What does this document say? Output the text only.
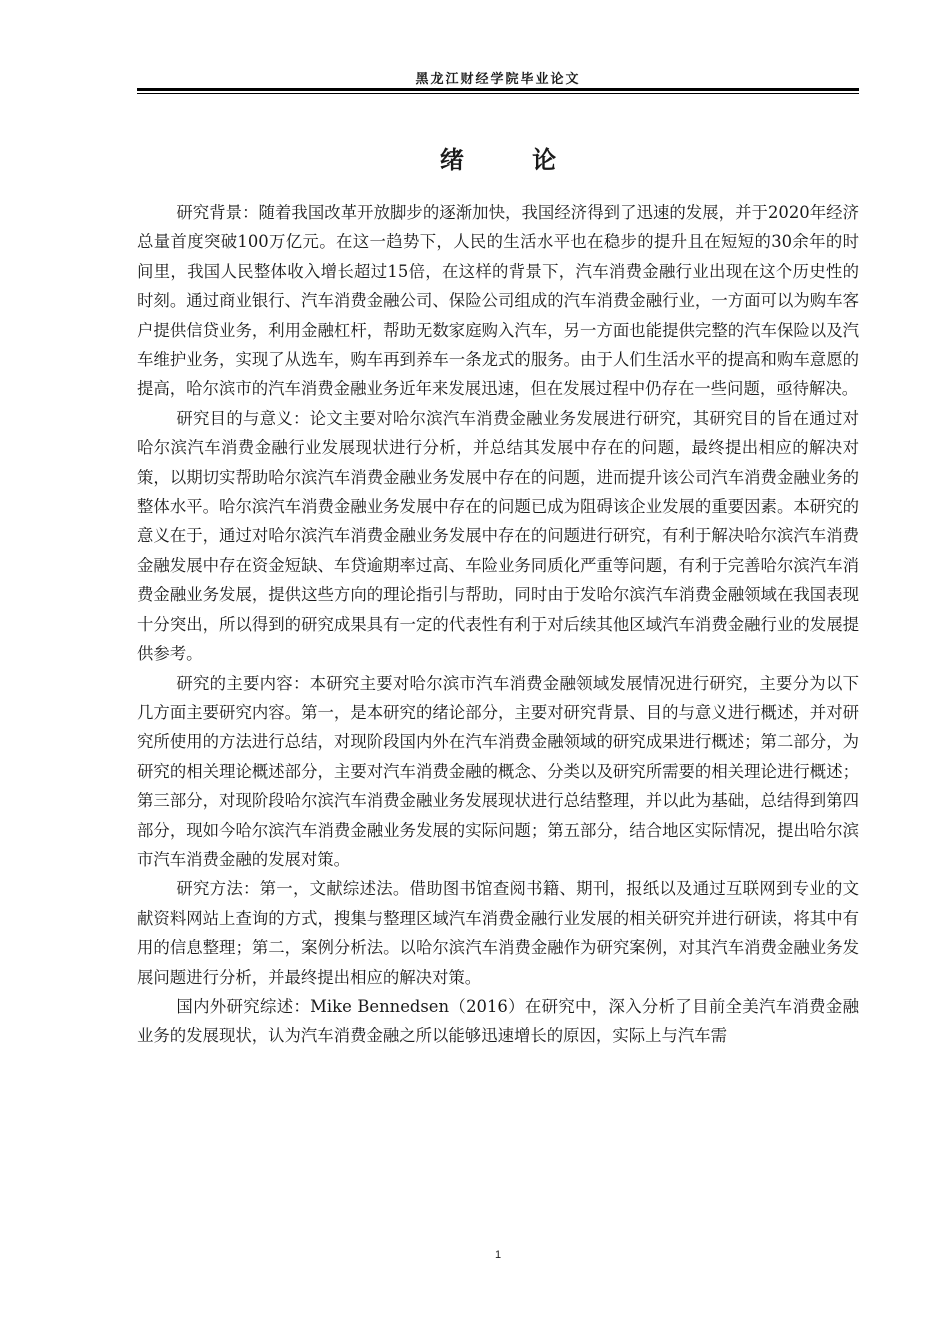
黑龙江财经学院毕业论文
绪 论

研究背景：随着我国改革开放脚步的逐渐加快，我国经济得到了迅速的发展，并于2020年经济总量首度突破100万亿元。在这一趋势下，人民的生活水平也在稳步的提升且在短短的30余年的时间里，我国人民整体收入增长超过15倍，在这样的背景下，汽车消费金融行业出现在这个历史性的时刻。通过商业银行、汽车消费金融公司、保险公司组成的汽车消费金融行业，一方面可以为购车客户提供信贷业务，利用金融杠杆，帮助无数家庭购入汽车，另一方面也能提供完整的汽车保险以及汽车维护业务，实现了从选车，购车再到养车一条龙式的服务。由于人们生活水平的提高和购车意愿的提高，哈尔滨市的汽车消费金融业务近年来发展迅速，但在发展过程中仍存在一些问题，亟待解决。

研究目的与意义：论文主要对哈尔滨汽车消费金融业务发展进行研究，其研究目的旨在通过对哈尔滨汽车消费金融行业发展现状进行分析，并总结其发展中存在的问题，最终提出相应的解决对策，以期切实帮助哈尔滨汽车消费金融业务发展中存在的问题，进而提升该公司汽车消费金融业务的整体水平。哈尔滨汽车消费金融业务发展中存在的问题已成为阻碍该企业发展的重要因素。本研究的意义在于，通过对哈尔滨汽车消费金融业务发展中存在的问题进行研究，有利于解决哈尔滨汽车消费金融发展中存在资金短缺、车贷逾期率过高、车险业务同质化严重等问题，有利于完善哈尔滨汽车消费金融业务发展，提供这些方向的理论指引与帮助，同时由于发哈尔滨汽车消费金融领域在我国表现十分突出，所以得到的研究成果具有一定的代表性有利于对后续其他区域汽车消费金融行业的发展提供参考。

研究的主要内容：本研究主要对哈尔滨市汽车消费金融领域发展情况进行研究，主要分为以下几方面主要研究内容。第一，是本研究的绪论部分，主要对研究背景、目的与意义进行概述，并对研究所使用的方法进行总结，对现阶段国内外在汽车消费金融领域的研究成果进行概述；第二部分，为研究的相关理论概述部分，主要对汽车消费金融的概念、分类以及研究所需要的相关理论进行概述；第三部分，对现阶段哈尔滨汽车消费金融业务发展现状进行总结整理，并以此为基础，总结得到第四部分，现如今哈尔滨汽车消费金融业务发展的实际问题；第五部分，结合地区实际情况，提出哈尔滨市汽车消费金融的发展对策。

研究方法：第一，文献综述法。借助图书馆查阅书籍、期刊，报纸以及通过互联网到专业的文献资料网站上查询的方式，搜集与整理区域汽车消费金融行业发展的相关研究并进行研读，将其中有用的信息整理；第二，案例分析法。以哈尔滨汽车消费金融作为研究案例，对其汽车消费金融业务发展问题进行分析，并最终提出相应的解决对策。

国内外研究综述：Mike Bennedsen（2016）在研究中，深入分析了目前全美汽车消费金融业务的发展现状，认为汽车消费金融之所以能够迅速增长的原因，实际上与汽车需

1
